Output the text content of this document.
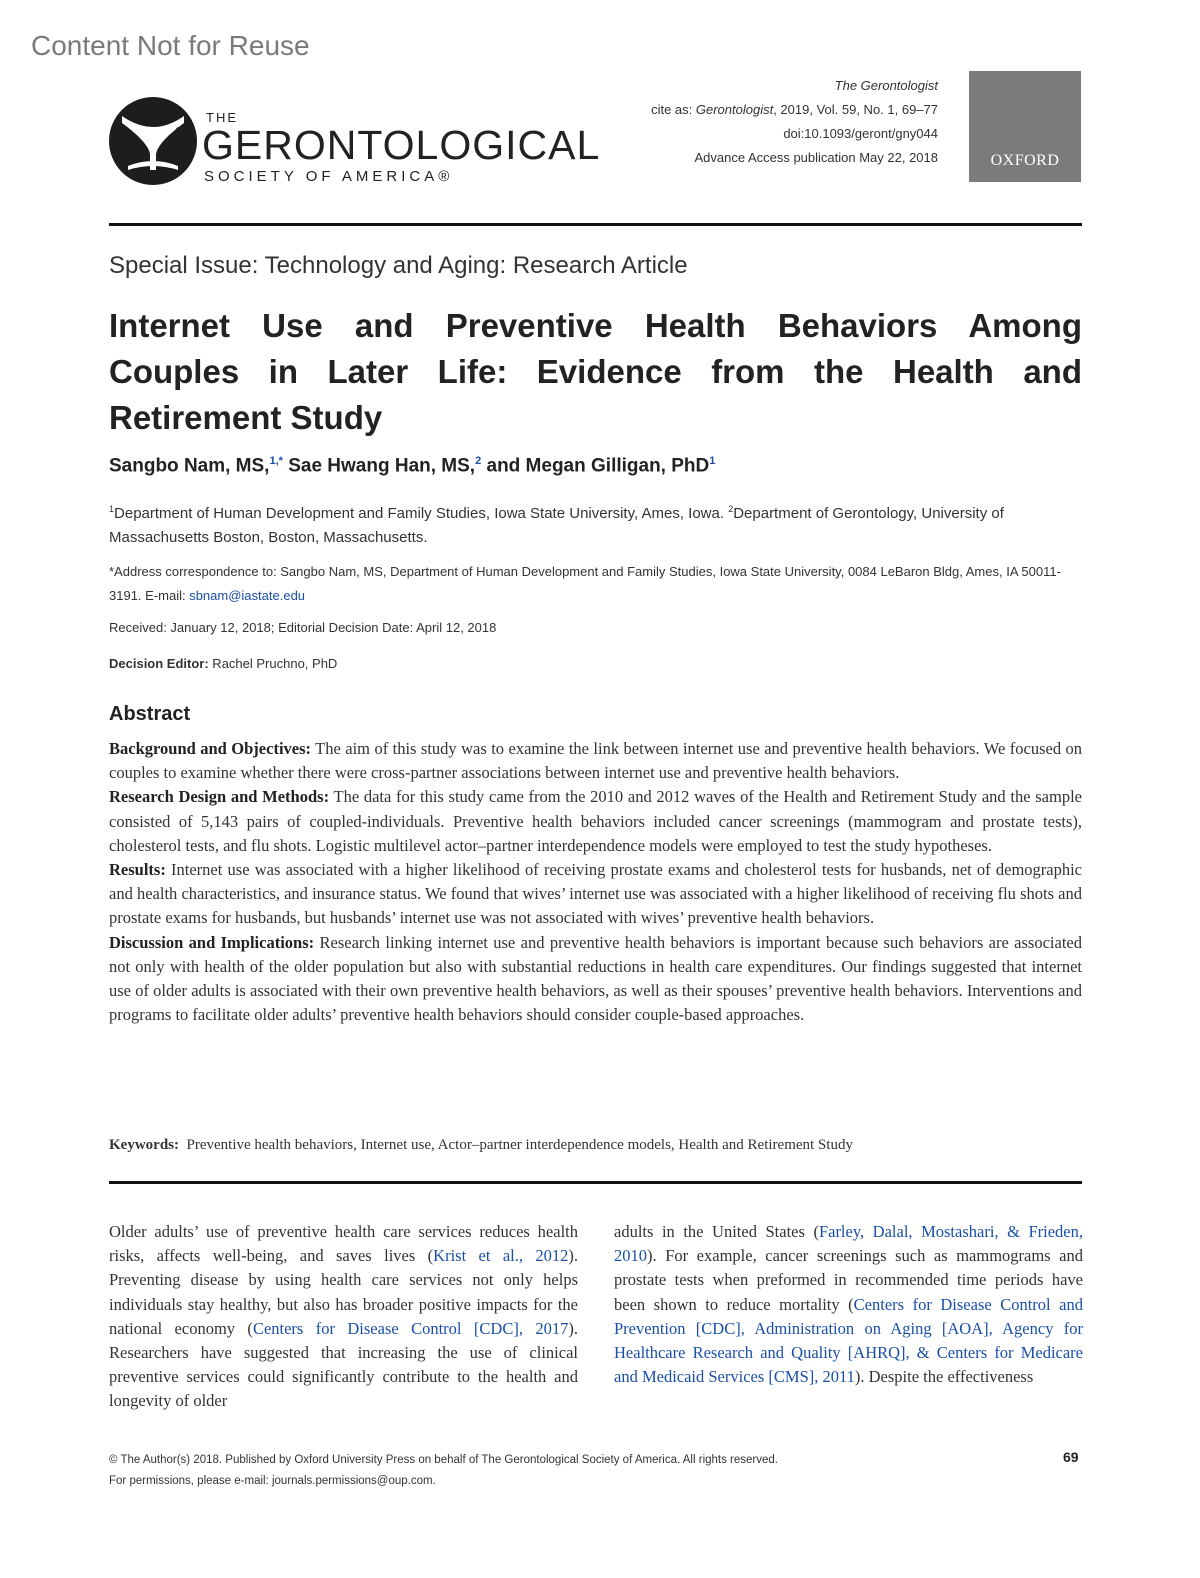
Content Not for Reuse
THE
GERONTOLOGICAL
SOCIETY OF AMERICA®
The Gerontologist
cite as: Gerontologist, 2019, Vol. 59, No. 1, 69–77
doi:10.1093/geront/gny044
Advance Access publication May 22, 2018	OXFORD
Special Issue: Technology and Aging: Research Article
Internet Use and Preventive Health Behaviors Among Couples in Later Life: Evidence from the Health and Retirement Study
Sangbo Nam, MS,$^{1,*}$ Sae Hwang Han, MS,$^2$ and Megan Gilligan, PhD$^1$
$^1$Department of Human Development and Family Studies, Iowa State University, Ames, Iowa. $^2$Department of Gerontology, University of Massachusetts Boston, Boston, Massachusetts.
*Address correspondence to: Sangbo Nam, MS, Department of Human Development and Family Studies, Iowa State University, 0084 LeBaron Bldg, Ames, IA 50011-3191. E-mail: sbnam@iastate.edu
Received: January 12, 2018; Editorial Decision Date: April 12, 2018
Decision Editor: Rachel Pruchno, PhD
Abstract

Background and Objectives: The aim of this study was to examine the link between internet use and preventive health behaviors. We focused on couples to examine whether there were cross-partner associations between internet use and preventive health behaviors.

Research Design and Methods: The data for this study came from the 2010 and 2012 waves of the Health and Retirement Study and the sample consisted of 5,143 pairs of coupled-individuals. Preventive health behaviors included cancer screenings (mammogram and prostate tests), cholesterol tests, and flu shots. Logistic multilevel actor–partner interdependence models were employed to test the study hypotheses.

Results: Internet use was associated with a higher likelihood of receiving prostate exams and cholesterol tests for husbands, net of demographic and health characteristics, and insurance status. We found that wives’ internet use was associated with a higher likelihood of receiving flu shots and prostate exams for husbands, but husbands’ internet use was not associated with wives’ preventive health behaviors.

Discussion and Implications: Research linking internet use and preventive health behaviors is important because such behaviors are associated not only with health of the older population but also with substantial reductions in health care expenditures. Our findings suggested that internet use of older adults is associated with their own preventive health behaviors, as well as their spouses’ preventive health behaviors. Interventions and programs to facilitate older adults’ preventive health behaviors should consider couple-based approaches.

Keywords: Preventive health behaviors, Internet use, Actor–partner interdependence models, Health and Retirement Study
Older adults’ use of preventive health care services reduces health risks, affects well-being, and saves lives (Krist et al., 2012). Preventing disease by using health care services not only helps individuals stay healthy, but also has broader positive impacts for the national economy (Centers for Disease Control [CDC], 2017). Researchers have suggested that increasing the use of clinical preventive services could significantly contribute to the health and longevity of older
adults in the United States (Farley, Dalal, Mostashari, & Frieden, 2010). For example, cancer screenings such as mammograms and prostate tests when preformed in recommended time periods have been shown to reduce mortality (Centers for Disease Control and Prevention [CDC], Administration on Aging [AOA], Agency for Healthcare Research and Quality [AHRQ], & Centers for Medicare and Medicaid Services [CMS], 2011). Despite the effectiveness
© The Author(s) 2018. Published by Oxford University Press on behalf of The Gerontological Society of America. All rights reserved.
For permissions, please e-mail: journals.permissions@oup.com.
69
